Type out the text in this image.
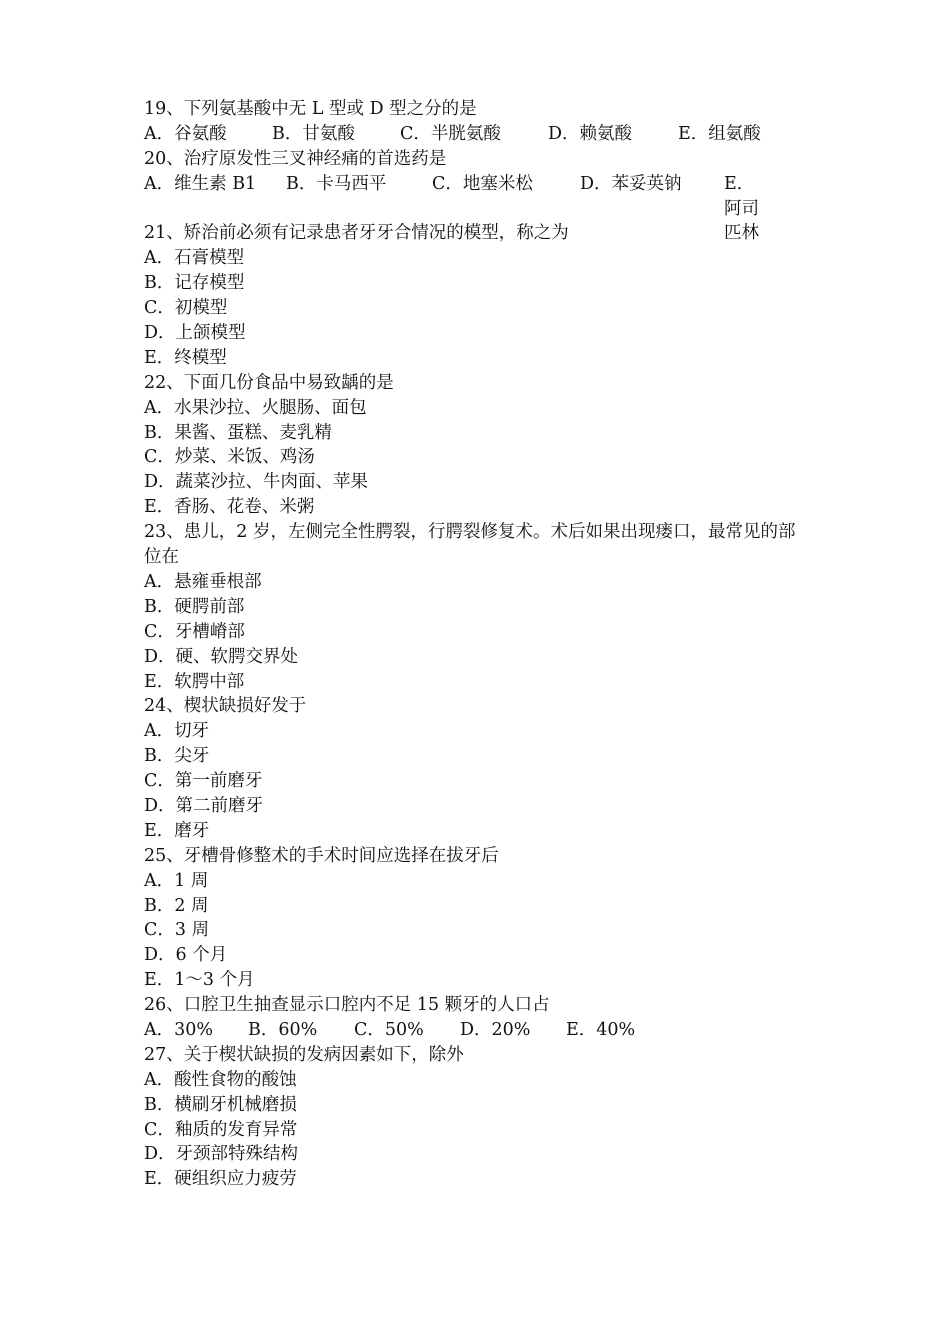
19、下列氨基酸中无 L 型或 D 型之分的是
A．谷氨酸	B．甘氨酸	C．半胱氨酸	D．赖氨酸	E．组氨酸
20、治疗原发性三叉神经痛的首选药是
A．维生素 B1	B．卡马西平	C．地塞米松	D．苯妥英钠	E．阿司匹林
21、矫治前必须有记录患者牙牙合情况的模型，称之为
A．石膏模型
B．记存模型
C．初模型
D．上颌模型
E．终模型
22、下面几份食品中易致龋的是
A．水果沙拉、火腿肠、面包
B．果酱、蛋糕、麦乳精
C．炒菜、米饭、鸡汤
D．蔬菜沙拉、牛肉面、苹果
E．香肠、花卷、米粥
23、患儿，2 岁，左侧完全性腭裂，行腭裂修复术。术后如果出现瘘口，最常见的部位在
A．悬雍垂根部
B．硬腭前部
C．牙槽嵴部
D．硬、软腭交界处
E．软腭中部
24、楔状缺损好发于
A．切牙
B．尖牙
C．第一前磨牙
D．第二前磨牙
E．磨牙
25、牙槽骨修整术的手术时间应选择在拔牙后
A．1 周
B．2 周
C．3 周
D．6 个月
E．1～3 个月
26、口腔卫生抽查显示口腔内不足 15 颗牙的人口占
A．30%	B．60%	C．50%	D．20%	E．40%
27、关于楔状缺损的发病因素如下，除外
A．酸性食物的酸蚀
B．横刷牙机械磨损
C．釉质的发育异常
D．牙颈部特殊结构
E．硬组织应力疲劳
